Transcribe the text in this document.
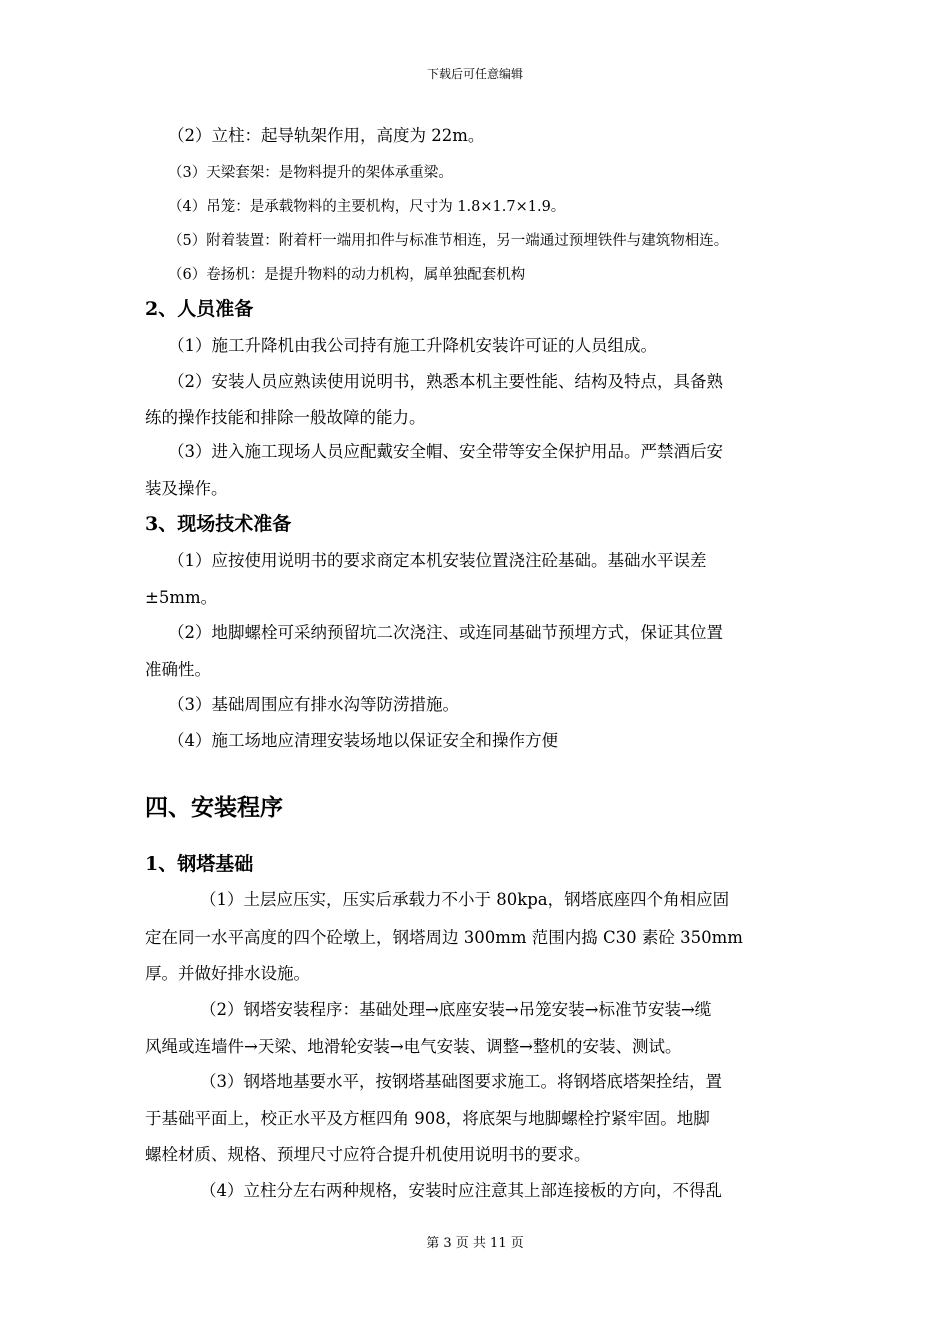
下载后可任意编辑
（2）立柱：起导轨架作用，高度为 22m。
（3）天梁套架：是物料提升的架体承重梁。
（4）吊笼：是承载物料的主要机构，尺寸为 1.8×1.7×1.9。
（5）附着装置：附着杆一端用扣件与标准节相连，另一端通过预埋铁件与建筑物相连。
（6）卷扬机：是提升物料的动力机构，属单独配套机构
2、人员准备
（1）施工升降机由我公司持有施工升降机安装许可证的人员组成。
（2）安装人员应熟读使用说明书，熟悉本机主要性能、结构及特点，具备熟
练的操作技能和排除一般故障的能力。
（3）进入施工现场人员应配戴安全帽、安全带等安全保护用品。严禁酒后安
装及操作。
3、现场技术准备
（1）应按使用说明书的要求商定本机安装位置浇注砼基础。基础水平误差
±5mm。
（2）地脚螺栓可采纳预留坑二次浇注、或连同基础节预埋方式，保证其位置
准确性。
（3）基础周围应有排水沟等防涝措施。
（4）施工场地应清理安装场地以保证安全和操作方便
四、安装程序
1、钢塔基础
（1）土层应压实，压实后承载力不小于 80kpa，钢塔底座四个角相应固
定在同一水平高度的四个砼墩上，钢塔周边 300mm 范围内捣 C30 素砼 350mm
厚。并做好排水设施。
（2）钢塔安装程序：基础处理→底座安装→吊笼安装→标准节安装→缆
风绳或连墙件→天梁、地滑轮安装→电气安装、调整→整机的安装、测试。
（3）钢塔地基要水平，按钢塔基础图要求施工。将钢塔底塔架拴结，置
于基础平面上，校正水平及方框四角 908，将底架与地脚螺栓拧紧牢固。地脚
螺栓材质、规格、预埋尺寸应符合提升机使用说明书的要求。
（4）立柱分左右两种规格，安装时应注意其上部连接板的方向，不得乱
第 3 页 共 11 页
